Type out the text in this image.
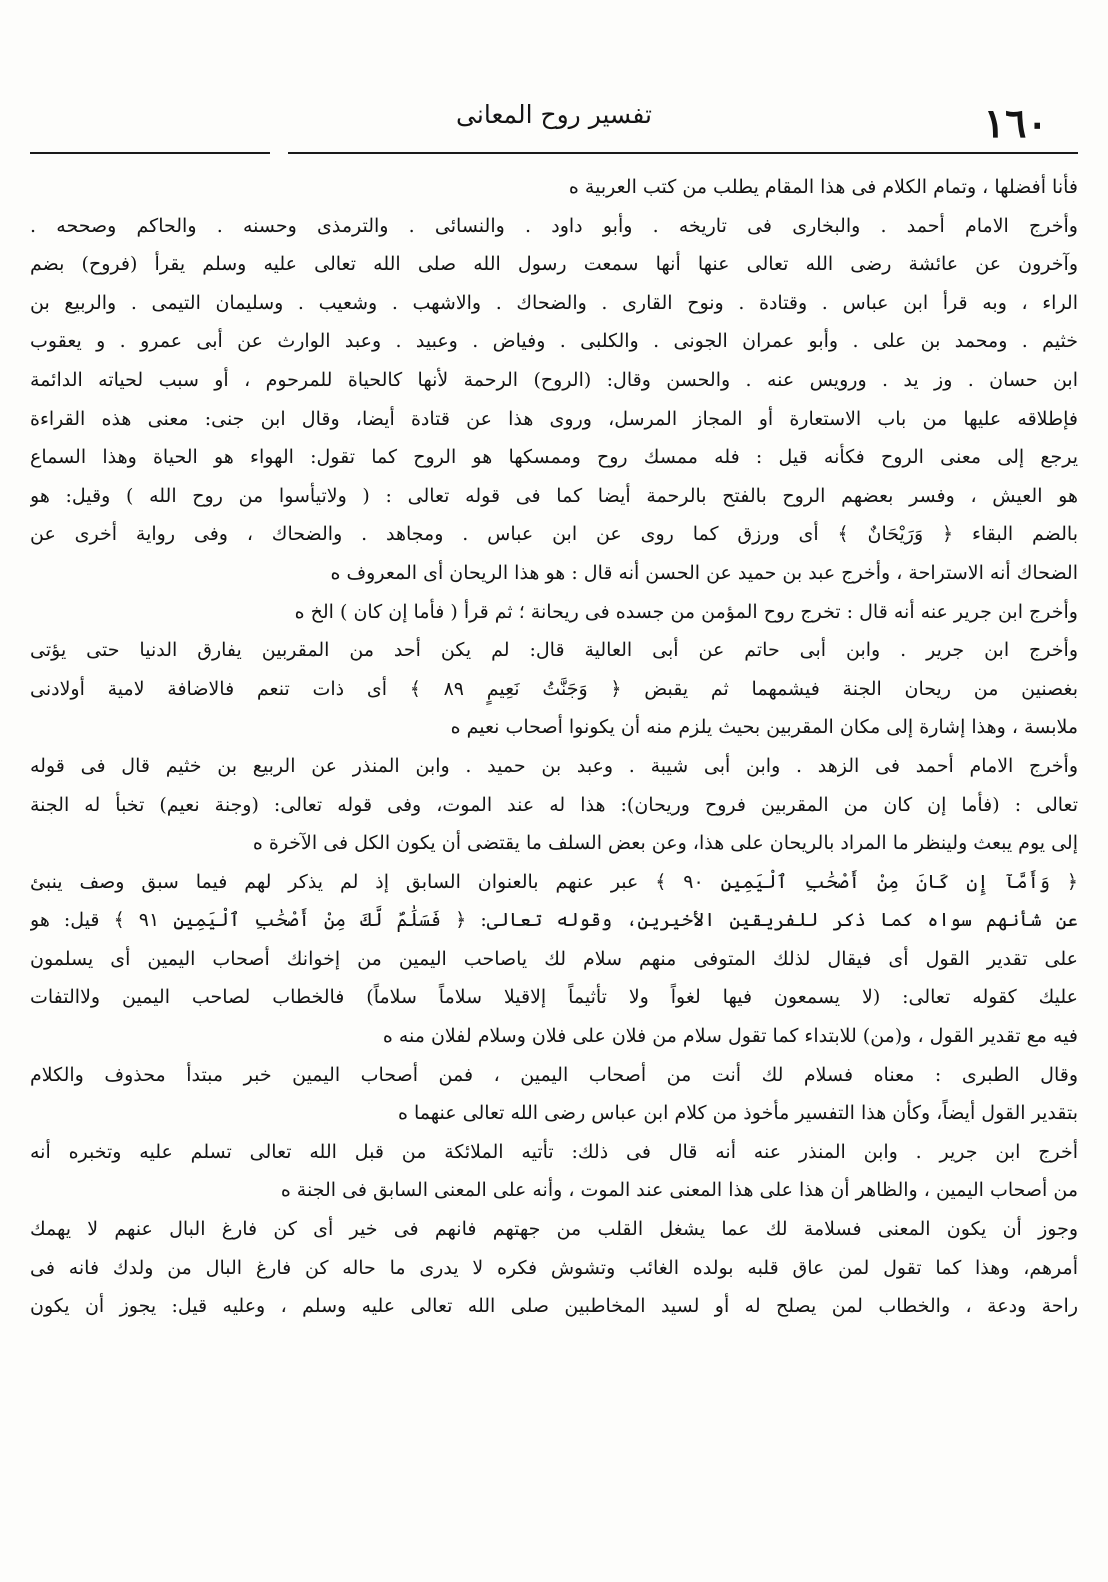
١٦٠
تفسير روح المعانى
فأنا أفضلها ، وتمام الكلام فى هذا المقام يطلب من كتب العربية ه
وأخرج الامام أحمد . والبخارى فى تاريخه . وأبو داود . والنسائى . والترمذى وحسنه . والحاكم وصححه .
وآخرون عن عائشة رضى الله تعالى عنها أنها سمعت رسول الله صلى الله تعالى عليه وسلم يقرأ (فروح) بضم
الراء ، وبه قرأ ابن عباس . وقتادة . ونوح القارى . والضحاك . والاشهب . وشعيب . وسليمان التيمى . والربيع بن
خثيم . ومحمد بن على . وأبو عمران الجونى . والكلبى . وفياض . وعبيد . وعبد الوارث عن أبى عمرو . و يعقوب
ابن حسان . وز يد . ورويس عنه . والحسن وقال: (الروح) الرحمة لأنها كالحياة للمرحوم ، أو سبب لحياته الدائمة
فإطلاقه عليها من باب الاستعارة أو المجاز المرسل، وروى هذا عن قتادة أيضا، وقال ابن جنى: معنى هذه القراءة
يرجع إلى معنى الروح فكأنه قيل : فله ممسك روح وممسكها هو الروح كما تقول: الهواء هو الحياة وهذا السماع
هو العيش ، وفسر بعضهم الروح بالفتح بالرحمة أيضا كما فى قوله تعالى : ( ولاتيأسوا من روح الله ) وقيل: هو
بالضم البقاء ﴿ وَرَيْحَانٌ ﴾ أى ورزق كما روى عن ابن عباس . ومجاهد . والضحاك ، وفى رواية أخرى عن
الضحاك أنه الاستراحة ، وأخرج عبد بن حميد عن الحسن أنه قال : هو هذا الريحان أى المعروف ه
وأخرج ابن جرير عنه أنه قال : تخرج روح المؤمن من جسده فى ريحانة ؛ ثم قرأ ( فأما إن كان ) الخ ه
وأخرج ابن جرير . وابن أبى حاتم عن أبى العالية قال: لم يكن أحد من المقربين يفارق الدنيا حتى يؤتى
بغصنين من ريحان الجنة فيشمهما ثم يقبض ﴿ وَجَنَّتُ نَعِيمٍ ٨٩ ﴾ أى ذات تنعم فالاضافة لامية أولادنى
ملابسة ، وهذا إشارة إلى مكان المقربين بحيث يلزم منه أن يكونوا أصحاب نعيم ه
وأخرج الامام أحمد فى الزهد . وابن أبى شيبة . وعبد بن حميد . وابن المنذر عن الربيع بن خثيم قال فى قوله
تعالى : (فأما إن كان من المقربين فروح وريحان): هذا له عند الموت، وفى قوله تعالى: (وجنة نعيم) تخبأ له الجنة
إلى يوم يبعث ولينظر ما المراد بالريحان على هذا، وعن بعض السلف ما يقتضى أن يكون الكل فى الآخرة ه
﴿ وَأَمَّآ إِن كَانَ مِنْ أَصْحَٰبِ ٱلْيَمِينِ ٩٠ ﴾ عبر عنهم بالعنوان السابق إذ لم يذكر لهم فيما سبق وصف ينبئ
عن شأنهم سواه كما ذكر للفريقين الأخيرين، وقوله تعالى: ﴿ فَسَلَٰمٌ لَّكَ مِنْ أَصْحَٰبِ ٱلْيَمِينِ ٩١ ﴾ قيل: هو
على تقدير القول أى فيقال لذلك المتوفى منهم سلام لك ياصاحب اليمين من إخوانك أصحاب اليمين أى يسلمون
عليك كقوله تعالى: (لا يسمعون فيها لغواً ولا تأثيماً إلاقيلا سلاماً سلاماً) فالخطاب لصاحب اليمين ولاالتفات
فيه مع تقدير القول ، و(من) للابتداء كما تقول سلام من فلان على فلان وسلام لفلان منه ه
وقال الطبرى : معناه فسلام لك أنت من أصحاب اليمين ، فمن أصحاب اليمين خبر مبتدأ محذوف والكلام
بتقدير القول أيضاً، وكأن هذا التفسير مأخوذ من كلام ابن عباس رضى الله تعالى عنهما ه
أخرج ابن جرير . وابن المنذر عنه أنه قال فى ذلك: تأتيه الملائكة من قبل الله تعالى تسلم عليه وتخبره أنه
من أصحاب اليمين ، والظاهر أن هذا على هذا المعنى عند الموت ، وأنه على المعنى السابق فى الجنة ه
وجوز أن يكون المعنى فسلامة لك عما يشغل القلب من جهتهم فانهم فى خير أى كن فارغ البال عنهم لا يهمك
أمرهم، وهذا كما تقول لمن عاق قلبه بولده الغائب وتشوش فكره لا يدرى ما حاله كن فارغ البال من ولدك فانه فى
راحة ودعة ، والخطاب لمن يصلح له أو لسيد المخاطبين صلى الله تعالى عليه وسلم ، وعليه قيل: يجوز أن يكون
